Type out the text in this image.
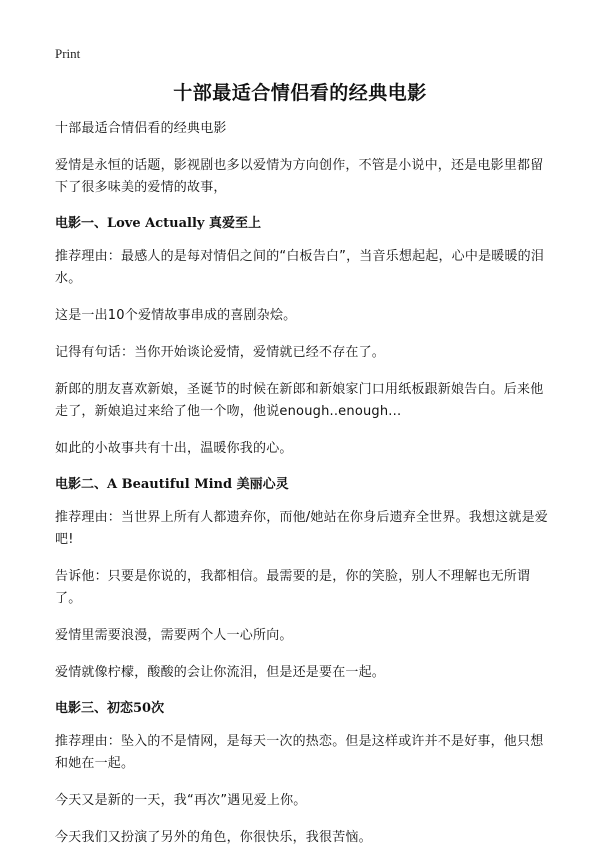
Print
十部最适合情侣看的经典电影

十部最适合情侣看的经典电影

爱情是永恒的话题，影视剧也多以爱情为方向创作，不管是小说中，还是电影里都留下了很多味美的爱情的故事，

电影一、Love Actually 真爱至上

推荐理由：最感人的是每对情侣之间的“白板告白”，当音乐想起起，心中是暖暖的泪水。

这是一出10个爱情故事串成的喜剧杂烩。

记得有句话：当你开始谈论爱情，爱情就已经不存在了。

新郎的朋友喜欢新娘，圣诞节的时候在新郎和新娘家门口用纸板跟新娘告白。后来他走了，新娘追过来给了他一个吻，他说enough..enough...

如此的小故事共有十出，温暖你我的心。

电影二、A Beautiful Mind 美丽心灵

推荐理由：当世界上所有人都遗弃你，而他/她站在你身后遗弃全世界。我想这就是爱吧!

告诉他：只要是你说的，我都相信。最需要的是，你的笑脸，别人不理解也无所谓了。

爱情里需要浪漫，需要两个人一心所向。

爱情就像柠檬，酸酸的会让你流泪，但是还是要在一起。

电影三、初恋50次

推荐理由：坠入的不是情网，是每天一次的热恋。但是这样或许并不是好事，他只想和她在一起。

今天又是新的一天，我“再次”遇见爱上你。

今天我们又扮演了另外的角色，你很快乐，我很苦恼。
